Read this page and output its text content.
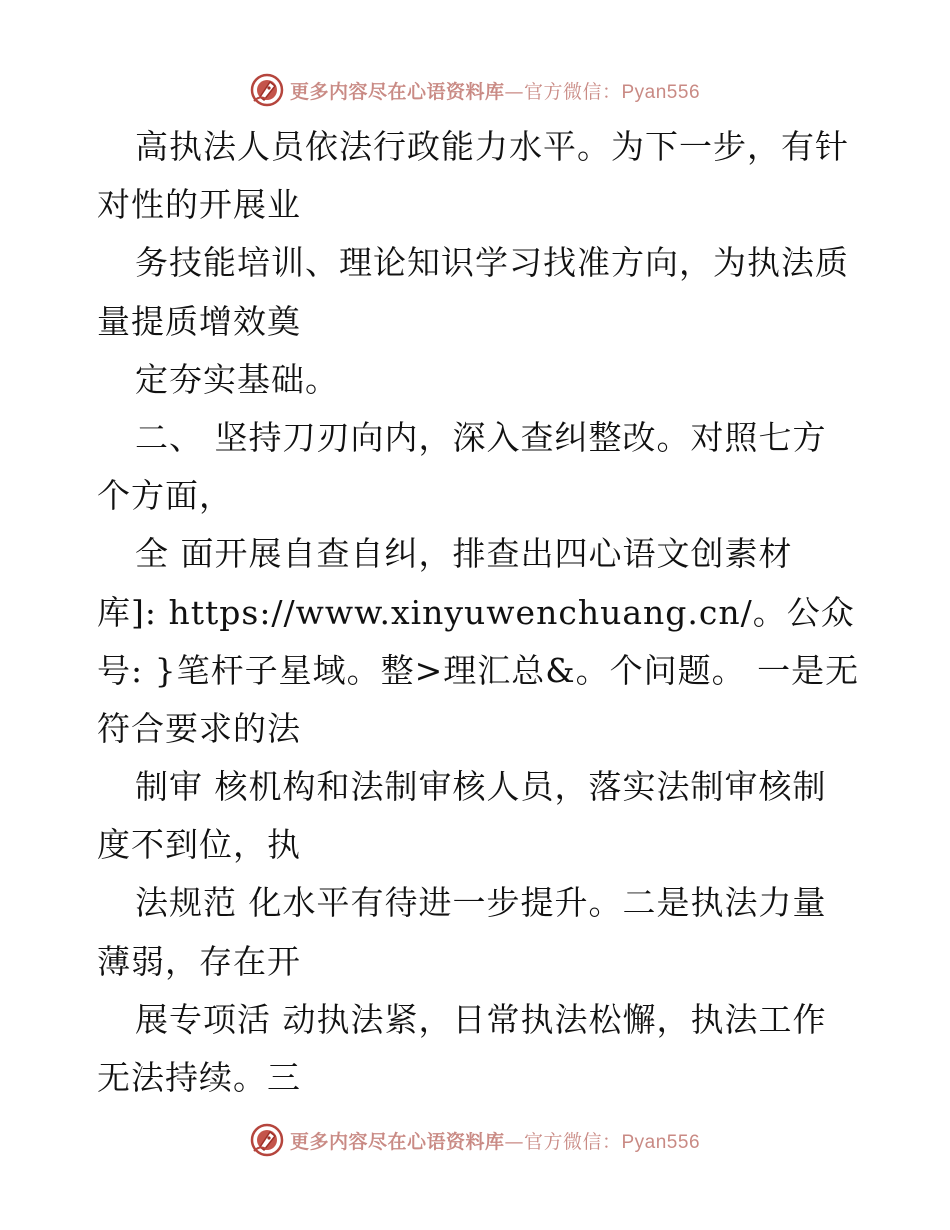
更多内容尽在心语资料库—官方微信：Pyan556
高执法人员依法行政能力水平。为下一步，有针
对性的开展业
务技能培训、理论知识学习找准方向，为执法质
量提质增效奠
定夯实基础。
二、 坚持刀刃向内，深入查纠整改。对照七方
个方面，
全 面开展自查自纠，排查出四心语文创素材
库]: https://www.xinyuwenchuang.cn/。公众
号: }笔杆子星域。整>理汇总&。个问题。 一是无
符合要求的法
制审 核机构和法制审核人员，落实法制审核制
度不到位，执
法规范 化水平有待进一步提升。二是执法力量
薄弱，存在开
展专项活 动执法紧，日常执法松懈，执法工作
无法持续。三
更多内容尽在心语资料库—官方微信：Pyan556
